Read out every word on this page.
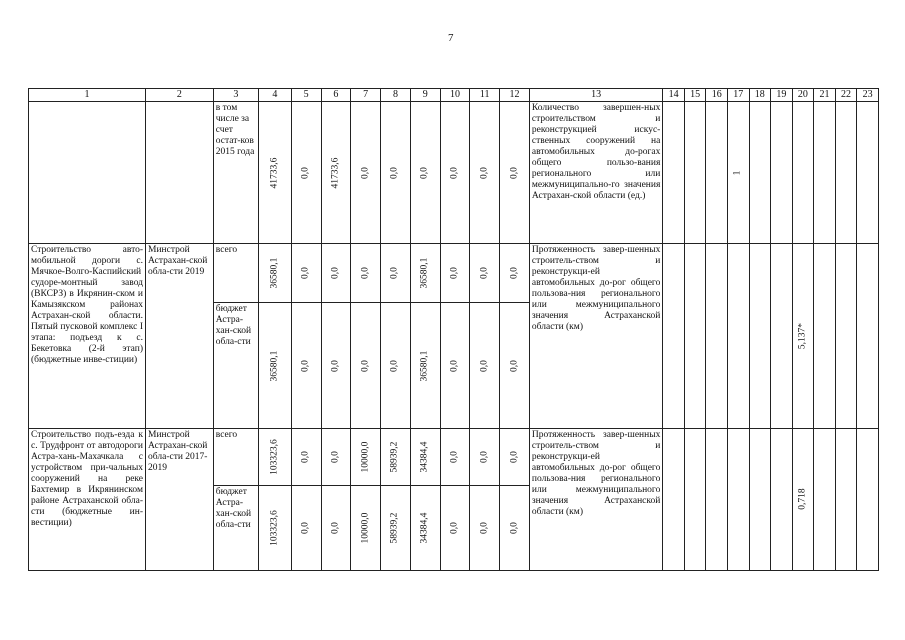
7
1	2	3	4	5	6	7	8	9	10	11	12	13	14	15	16	17	18	19	20	21	22	23
		в том числе за счет остат-ков 2015 года	41733,6	0,0	41733,6	0,0	0,0	0,0	0,0	0,0	0,0	Количество завершен-ных строительством и реконструкцией искус-ственных сооружений на автомобильных до-рогах общего пользо-вания регионального или межмуниципально-го значения Астрахан-ской области (ед.)				1						

Строительство авто-мобильной дороги с. Мячкое-Волго-Каспийский судоре-монтный завод (ВКСРЗ) в Икрянин-ском и Камызякском районах Астрахан-ской области. Пятый пусковой комплекс I этапа: подъезд к с. Бекетовка (2-й этап) (бюджетные инве-стиции)	Минстрой Астрахан-ской обла-сти 2019	всего	36580,1	0,0	0,0	0,0	0,0	36580,1	0,0	0,0	0,0	Протяженность завер-шенных строитель-ством и реконструкци-ей автомобильных до-рог общего пользова-ния регионального или межмуниципального значения Астраханской области (км)							5,137*			

		бюджет Астра-хан-ской обла-сти	36580,1	0,0	0,0	0,0	0,0	36580,1	0,0	0,0	0,0											

Строительство подъ-езда к с. Трудфронт от автодороги Астра-хань-Махачкала с устройством при-чальных сооружений на реке Бахтемир в Икрянинском районе Астраханской обла-сти (бюджетные ин-вестиции)	Минстрой Астрахан-ской обла-сти 2017-2019	всего	103323,6	0,0	0,0	10000,0	58939,2	34384,4	0,0	0,0	0,0	Протяженность завер-шенных строитель-ством и реконструкци-ей автомобильных до-рог общего пользова-ния регионального или межмуниципального значения Астраханской области (км)							0,718			

		бюджет Астра-хан-ской обла-сти	103323,6	0,0	0,0	10000,0	58939,2	34384,4	0,0	0,0	0,0											
